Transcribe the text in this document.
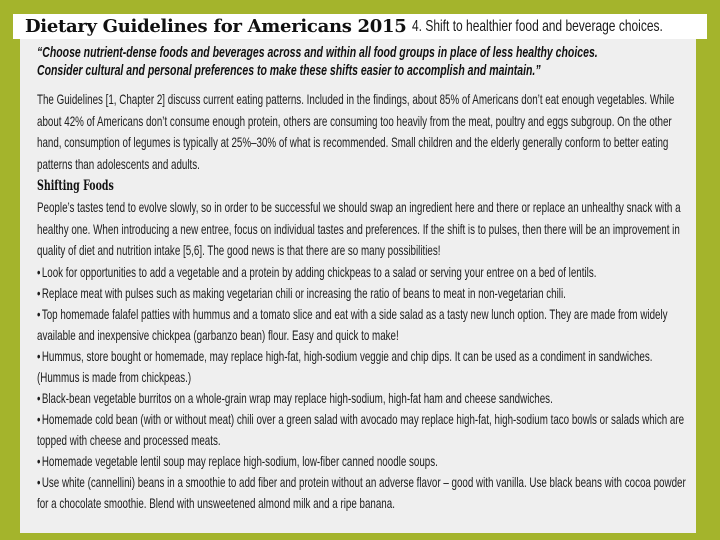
Dietary Guidelines for Americans 2015 4. Shift to healthier food and beverage choices.
“Choose nutrient-dense foods and beverages across and within all food groups in place of less healthy choices.
Consider cultural and personal preferences to make these shifts easier to accomplish and maintain.”

The Guidelines [1, Chapter 2] discuss current eating patterns. Included in the findings, about 85% of Americans don’t eat enough vegetables. While about 42% of Americans don’t consume enough protein, others are consuming too heavily from the meat, poultry and eggs subgroup. On the other hand, consumption of legumes is typically at 25%–30% of what is recommended. Small children and the elderly generally conform to better eating patterns than adolescents and adults.

Shifting Foods

People’s tastes tend to evolve slowly, so in order to be successful we should swap an ingredient here and there or replace an unhealthy snack with a healthy one. When introducing a new entree, focus on individual tastes and preferences. If the shift is to pulses, then there will be an improvement in quality of diet and nutrition intake [5,6]. The good news is that there are so many possibilities!

•Look for opportunities to add a vegetable and a protein by adding chickpeas to a salad or serving your entree on a bed of lentils.

•Replace meat with pulses such as making vegetarian chili or increasing the ratio of beans to meat in non-vegetarian chili.

•Top homemade falafel patties with hummus and a tomato slice and eat with a side salad as a tasty new lunch option. They are made from widely available and inexpensive chickpea (garbanzo bean) flour. Easy and quick to make!

•Hummus, store bought or homemade, may replace high-fat, high-sodium veggie and chip dips. It can be used as a condiment in sandwiches. (Hummus is made from chickpeas.)

•Black-bean vegetable burritos on a whole-grain wrap may replace high-sodium, high-fat ham and cheese sandwiches.

•Homemade cold bean (with or without meat) chili over a green salad with avocado may replace high-fat, high-sodium taco bowls or salads which are topped with cheese and processed meats.

•Homemade vegetable lentil soup may replace high-sodium, low-fiber canned noodle soups.

•Use white (cannellini) beans in a smoothie to add fiber and protein without an adverse flavor – good with vanilla. Use black beans with cocoa powder for a chocolate smoothie. Blend with unsweetened almond milk and a ripe banana.
